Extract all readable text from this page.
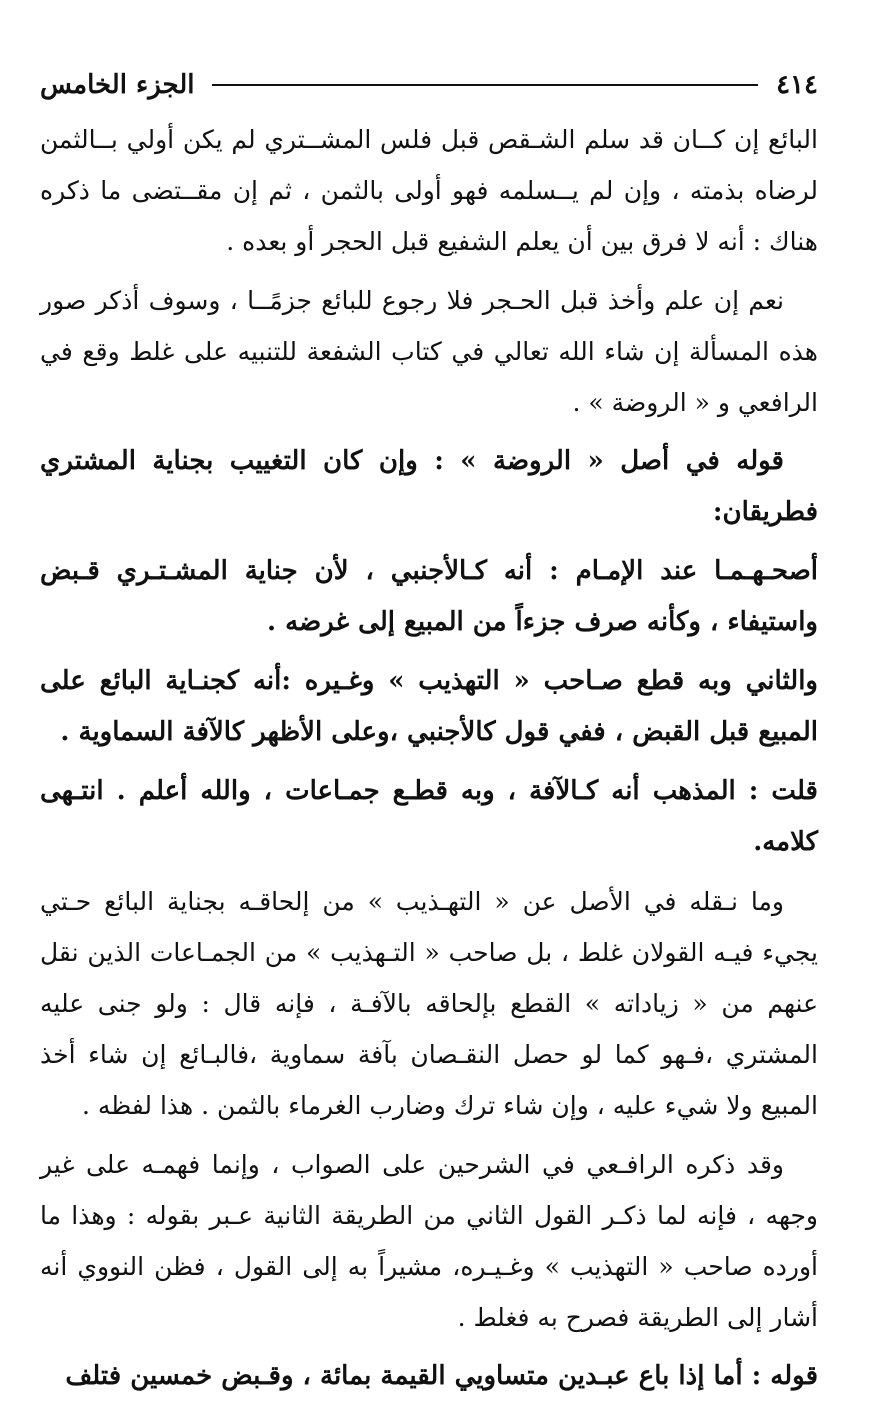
٤١٤
الجزء الخامس

البائع إن كــان قد سلم الشـقص قبل فلس المشــتري لم يكن أولي بــالثمن لرضاه بذمته ، وإن لم يــسلمه فهو أولى بالثمن ، ثم إن مقــتضى ما ذكره هناك : أنه لا فرق بين أن يعلم الشفيع قبل الحجر أو بعده .

نعم إن علم وأخذ قبل الحـجر فلا رجوع للبائع جزمًــا ، وسوف أذكر صور هذه المسألة إن شاء الله تعالي في كتاب الشفعة للتنبيه على غلط وقع في الرافعي و « الروضة » .

قوله في أصل « الروضة » : وإن كان التغييب بجناية المشتري فطريقان:

أصحـهـمـا عند الإمـام : أنه كـالأجنبي ، لأن جناية المشـتـري قـبض واستيفاء ، وكأنه صرف جزءاً من المبيع إلى غرضه .

والثاني وبه قطع صـاحب « التهذيب » وغـيره :أنه كجنـاية البائع على المبيع قبل القبض ، ففي قول كالأجنبي ،وعلى الأظهر كالآفة السماوية .

قلت : المذهب أنه كـالآفة ، وبه قطـع جمـاعات ، والله أعلم . انتـهى كلامه.

وما نـقله في الأصل عن « التهـذيب » من إلحاقـه بجناية البائع حـتي يجيء فيـه القولان غلط ، بل صاحب « التـهذيب » من الجمـاعات الذين نقل عنهم من « زياداته » القطع بإلحاقه بالآفـة ، فإنه قال : ولو جنى عليه المشتري ،فـهو كما لو حصل النقـصان بآفة سماوية ،فالبـائع إن شاء أخذ المبيع ولا شيء عليه ، وإن شاء ترك وضارب الغرماء بالثمن . هذا لفظه .

وقد ذكره الرافـعي في الشرحين على الصواب ، وإنما فهمـه على غير وجهه ، فإنه لما ذكـر القول الثاني من الطريقة الثانية عـبر بقوله : وهذا ما أورده صاحب « التهذيب » وغـيـره، مشيراً به إلى القول ، فظن النووي أنه أشار إلى الطريقة فصرح به فغلط .

قوله : أما إذا باع عبـدين متساويي القيمة بمائة ، وقـبض خمسين فتلف
